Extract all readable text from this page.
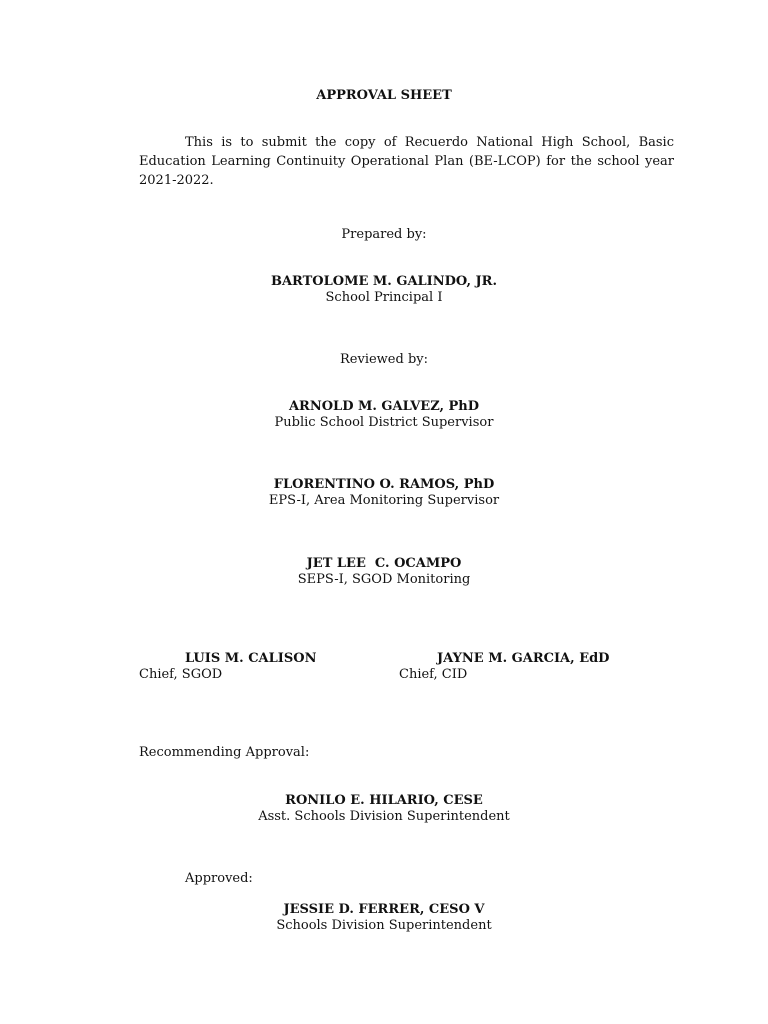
APPROVAL SHEET
This is to submit the copy of Recuerdo National High School, Basic Education Learning Continuity Operational Plan (BE-LCOP) for the school year 2021-2022.
Prepared by:
BARTOLOME M. GALINDO, JR.
School Principal I
Reviewed by:
ARNOLD M. GALVEZ, PhD
Public School District Supervisor
FLORENTINO O. RAMOS, PhD
EPS-I, Area Monitoring Supervisor
JET LEE  C. OCAMPO
SEPS-I, SGOD Monitoring
LUIS M. CALISON
Chief, SGOD
JAYNE M. GARCIA, EdD
Chief, CID
Recommending Approval:
RONILO E. HILARIO, CESE
Asst. Schools Division Superintendent
Approved:
JESSIE D. FERRER, CESO V
Schools Division Superintendent
